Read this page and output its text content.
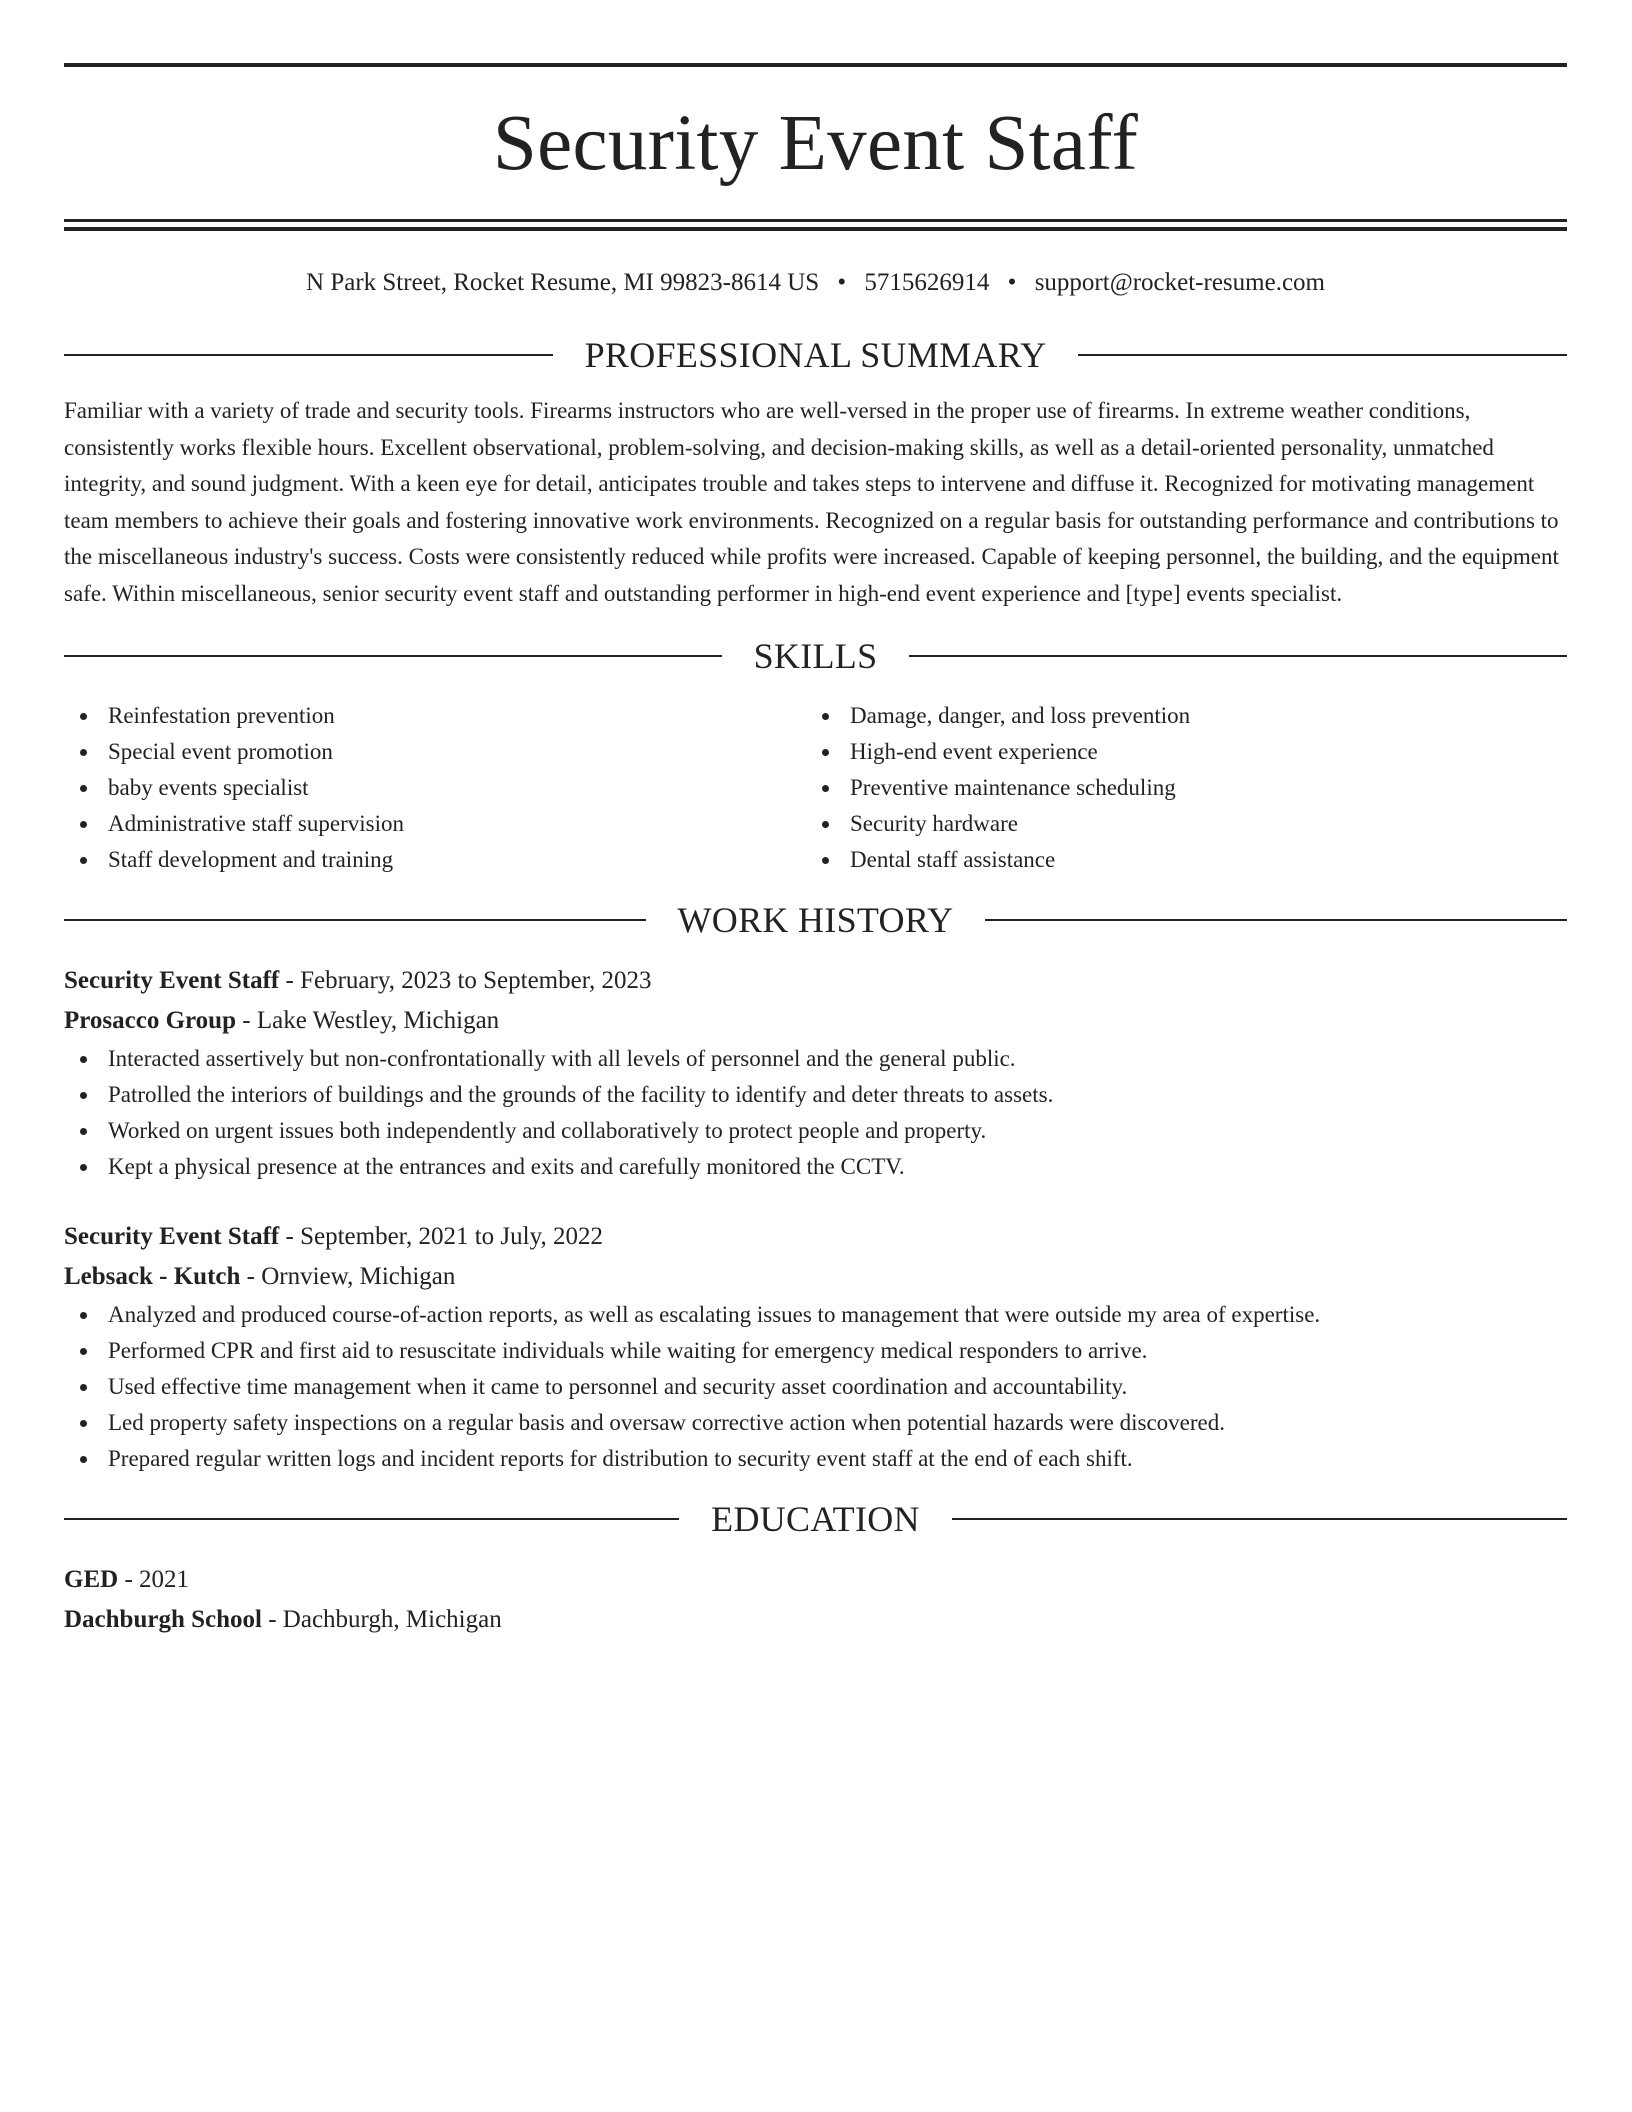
Security Event Staff
N Park Street, Rocket Resume, MI 99823-8614 US • 5715626914 • support@rocket-resume.com
PROFESSIONAL SUMMARY

Familiar with a variety of trade and security tools. Firearms instructors who are well-versed in the proper use of firearms. In extreme weather conditions, consistently works flexible hours. Excellent observational, problem-solving, and decision-making skills, as well as a detail-oriented personality, unmatched integrity, and sound judgment. With a keen eye for detail, anticipates trouble and takes steps to intervene and diffuse it. Recognized for motivating management team members to achieve their goals and fostering innovative work environments. Recognized on a regular basis for outstanding performance and contributions to the miscellaneous industry's success. Costs were consistently reduced while profits were increased. Capable of keeping personnel, the building, and the equipment safe. Within miscellaneous, senior security event staff and outstanding performer in high-end event experience and [type] events specialist.

SKILLS
Reinfestation prevention
Special event promotion
baby events specialist
Administrative staff supervision
Staff development and training
Damage, danger, and loss prevention
High-end event experience
Preventive maintenance scheduling
Security hardware
Dental staff assistance
WORK HISTORY
Security Event Staff - February, 2023 to September, 2023
Prosacco Group - Lake Westley, Michigan
Interacted assertively but non-confrontationally with all levels of personnel and the general public.
Patrolled the interiors of buildings and the grounds of the facility to identify and deter threats to assets.
Worked on urgent issues both independently and collaboratively to protect people and property.
Kept a physical presence at the entrances and exits and carefully monitored the CCTV.
Security Event Staff - September, 2021 to July, 2022
Lebsack - Kutch - Ornview, Michigan
Analyzed and produced course-of-action reports, as well as escalating issues to management that were outside my area of expertise.
Performed CPR and first aid to resuscitate individuals while waiting for emergency medical responders to arrive.
Used effective time management when it came to personnel and security asset coordination and accountability.
Led property safety inspections on a regular basis and oversaw corrective action when potential hazards were discovered.
Prepared regular written logs and incident reports for distribution to security event staff at the end of each shift.
EDUCATION
GED - 2021
Dachburgh School - Dachburgh, Michigan
